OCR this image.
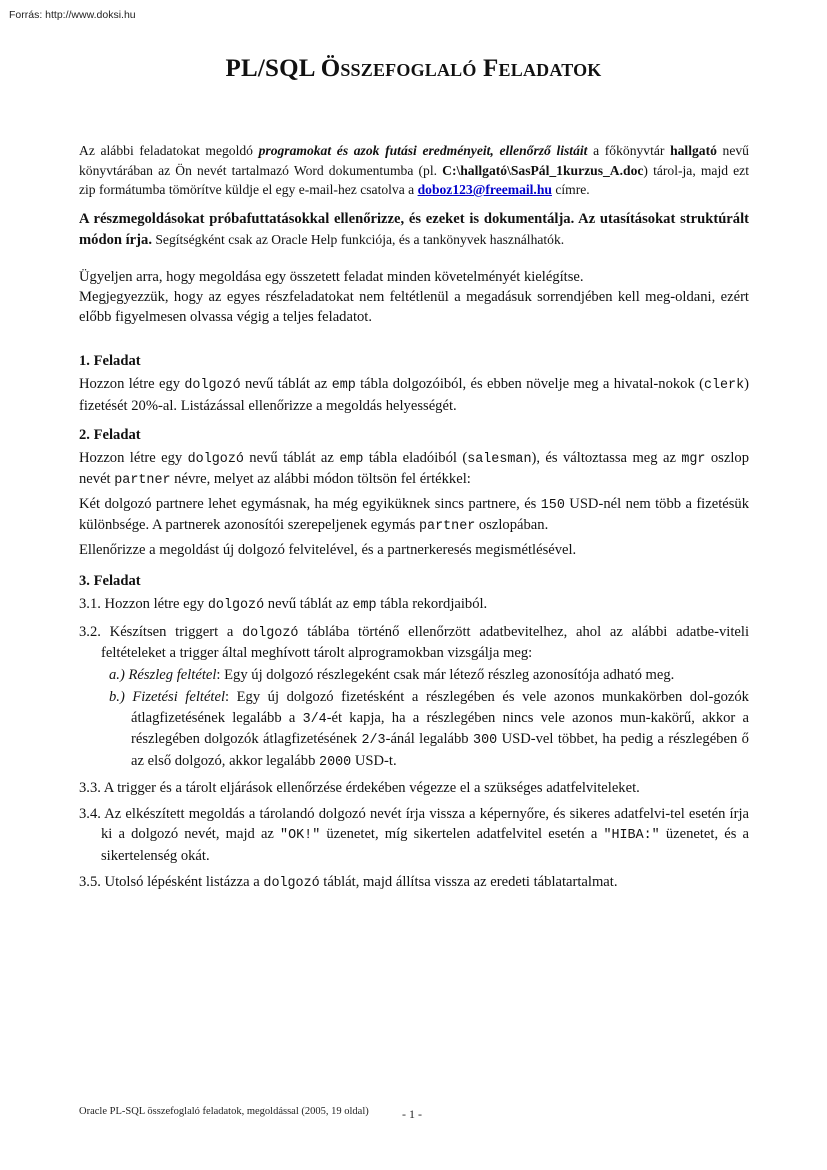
Forrás: http://www.doksi.hu
PL/SQL ÖSSZEFOGLALÓ FELADATOK

Az alábbi feladatokat megoldó programokat és azok futási eredményeit, ellenőrző listáit a főkönyvtár hallgató nevű könyvtárában az Ön nevét tartalmazó Word dokumentumba (pl. C:\hallgató\SasPál_1kurzus_A.doc) tárol-ja, majd ezt zip formátumba tömörítve küldje el egy e-mail-hez csatolva a doboz123@freemail.hu címre.

A részmegoldásokat próbafuttatásokkal ellenőrizze, és ezeket is dokumentálja. Az utasításokat struktúrált módon írja. Segítségként csak az Oracle Help funkciója, és a tankönyvek használhatók.

Ügyeljen arra, hogy megoldása egy összetett feladat minden követelményét kielégítse.

Megjegyezzük, hogy az egyes részfeladatokat nem feltétlenül a megadásuk sorrendjében kell meg-oldani, ezért előbb figyelmesen olvassa végig a teljes feladatot.

1. Feladat

Hozzon létre egy dolgozó nevű táblát az emp tábla dolgozóiból, és ebben növelje meg a hivatal-nokok (clerk) fizetését 20%-al. Listázással ellenőrizze a megoldás helyességét.

2. Feladat

Hozzon létre egy dolgozó nevű táblát az emp tábla eladóiból (salesman), és változtassa meg az mgr oszlop nevét partner névre, melyet az alábbi módon töltsön fel értékkel:

Két dolgozó partnere lehet egymásnak, ha még egyiküknek sincs partnere, és 150 USD-nél nem több a fizetésük különbsége. A partnerek azonosítói szerepeljenek egymás partner oszlopában.

Ellenőrizze a megoldást új dolgozó felvitelével, és a partnerkeresés megismétlésével.

3. Feladat

3.1. Hozzon létre egy dolgozó nevű táblát az emp tábla rekordjaiból.

3.2. Készítsen triggert a dolgozó táblába történő ellenőrzött adatbevitelhez, ahol az alábbi adatbe-viteli feltételeket a trigger által meghívott tárolt alprogramokban vizsgálja meg:

a.) Részleg feltétel: Egy új dolgozó részlegeként csak már létező részleg azonosítója adható meg.

b.) Fizetési feltétel: Egy új dolgozó fizetésként a részlegében és vele azonos munkakörben dol-gozók átlagfizetésének legalább a 3/4-ét kapja, ha a részlegében nincs vele azonos mun-kakörű, akkor a részlegében dolgozók átlagfizetésének 2/3-ánál legalább 300 USD-vel többet, ha pedig a részlegében ő az első dolgozó, akkor legalább 2000 USD-t.

3.3. A trigger és a tárolt eljárások ellenőrzése érdekében végezze el a szükséges adatfelviteleket.

3.4. Az elkészített megoldás a tárolandó dolgozó nevét írja vissza a képernyőre, és sikeres adatfelvi-tel esetén írja ki a dolgozó nevét, majd az "OK!" üzenetet, míg sikertelen adatfelvitel esetén a "HIBA:" üzenetet, és a sikertelenség okát.

3.5. Utolsó lépésként listázza a dolgozó táblát, majd állítsa vissza az eredeti táblatartalmat.

Oracle PL-SQL összefoglaló feladatok, megoldással (2005, 19 oldal)	- 1 -
